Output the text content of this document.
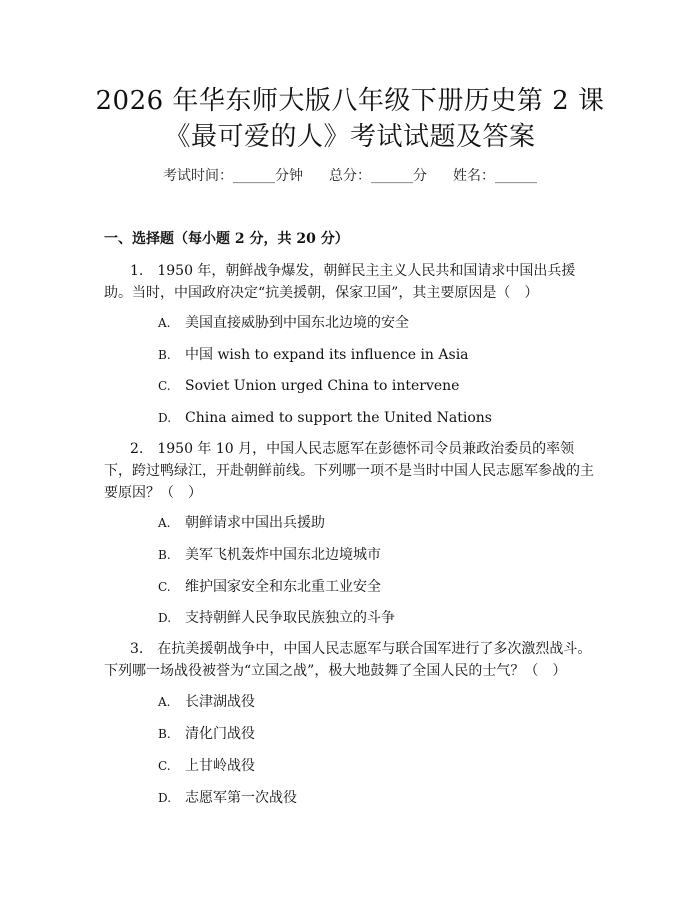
2026 年华东师大版八年级下册历史第 2 课
《最可爱的人》考试试题及答案
考试时间：______分钟 总分：______分 姓名：______
一、选择题（每小题 2 分，共 20 分）

1.　1950 年，朝鲜战争爆发，朝鲜民主主义人民共和国请求中国出兵援助。当时，中国政府决定“抗美援朝，保家卫国”，其主要原因是（　）

A. 美国直接威胁到中国东北边境的安全
B. 中国 wish to expand its influence in Asia
C. Soviet Union urged China to intervene
D. China aimed to support the United Nations

2.　1950 年 10 月，中国人民志愿军在彭德怀司令员兼政治委员的率领下，跨过鸭绿江，开赴朝鲜前线。下列哪一项不是当时中国人民志愿军参战的主要原因？（　）

A. 朝鲜请求中国出兵援助
B. 美军飞机轰炸中国东北边境城市
C. 维护国家安全和东北重工业安全
D. 支持朝鲜人民争取民族独立的斗争

3.　在抗美援朝战争中，中国人民志愿军与联合国军进行了多次激烈战斗。下列哪一场战役被誉为“立国之战”，极大地鼓舞了全国人民的士气？（　）

A. 长津湖战役
B. 清化门战役
C. 上甘岭战役
D. 志愿军第一次战役
